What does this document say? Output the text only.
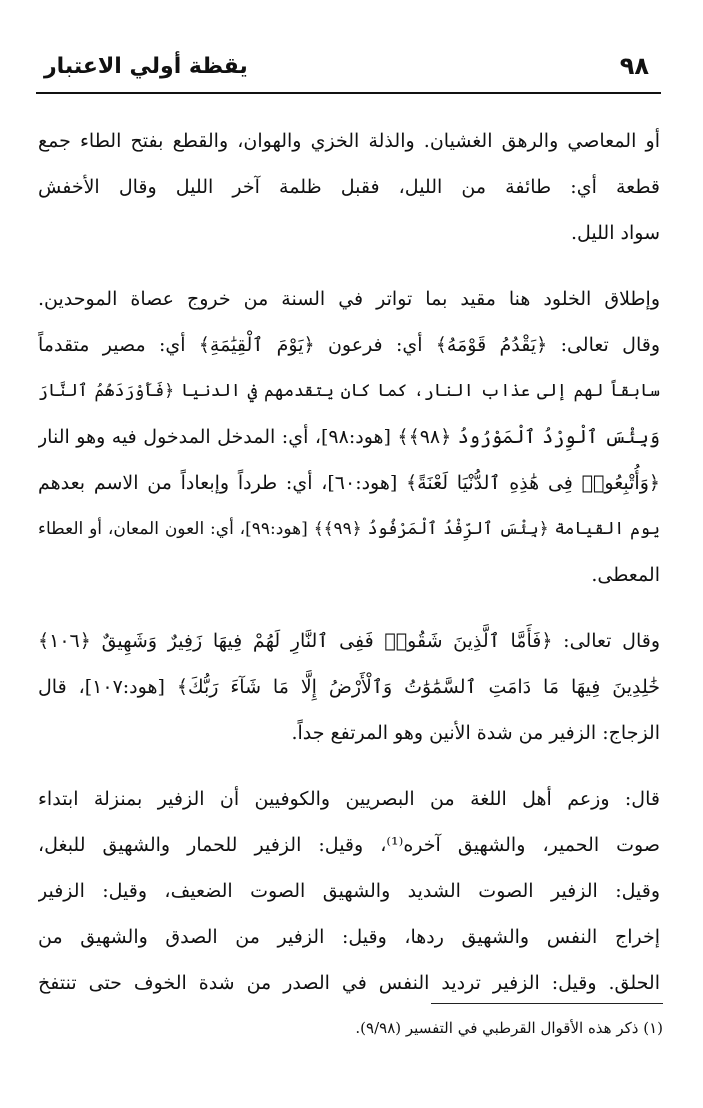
٩٨
يقظة أولي الاعتبار
أو المعاصي والرهق الغشيان. والذلة الخزي والهوان، والقطع بفتح الطاء جمع
قطعة أي: طائفة من الليل، فقبل ظلمة آخر الليل وقال الأخفش
سواد الليل.
وإطلاق الخلود هنا مقيد بما تواتر في السنة من خروج عصاة الموحدين.
وقال تعالى: ﴿يَقْدُمُ قَوْمَهُ﴾ أي: فرعون ﴿يَوْمَ ٱلْقِيَٰمَةِ﴾ أي: مصير متقدماً
سابقاً لهم إلى عذاب النار، كما كان يتقدمهم في الدنيا ﴿فَأَوْرَدَهُمُ ٱلنَّارَ
وَبِئْسَ ٱلْوِرْدُ ٱلْمَوْرُودُ ﴿٩٨﴾﴾ [هود:٩٨]، أي: المدخل المدخول فيه وهو النار
﴿وَأُتْبِعُوا۟ فِى هَٰذِهِ ٱلدُّنْيَا لَعْنَةً﴾ [هود:٦٠]، أي: طرداً وإبعاداً من الاسم بعدهم
يوم القيامة ﴿بِئْسَ ٱلرِّفْدُ ٱلْمَرْفُودُ ﴿٩٩﴾﴾ [هود:٩٩]، أي: العون المعان، أو العطاء
المعطى.
وقال تعالى: ﴿فَأَمَّا ٱلَّذِينَ شَقُوا۟ فَفِى ٱلنَّارِ لَهُمْ فِيهَا زَفِيرٌ وَشَهِيقٌ ﴿١٠٦﴾
خَٰلِدِينَ فِيهَا مَا دَامَتِ ٱلسَّمَٰوَٰتُ وَٱلْأَرْضُ إِلَّا مَا شَآءَ رَبُّكَ﴾ [هود:١٠٧]، قال
الزجاج: الزفير من شدة الأنين وهو المرتفع جداً.
قال: وزعم أهل اللغة من البصريين والكوفيين أن الزفير بمنزلة ابتداء
صوت الحمير، والشهيق آخره⁽¹⁾، وقيل: الزفير للحمار والشهيق للبغل،
وقيل: الزفير الصوت الشديد والشهيق الصوت الضعيف، وقيل: الزفير
إخراج النفس والشهيق ردها، وقيل: الزفير من الصدق والشهيق من
الحلق. وقيل: الزفير ترديد النفس في الصدر من شدة الخوف حتى تنتفخ
(١) ذكر هذه الأقوال القرطبي في التفسير (٩/٩٨).
